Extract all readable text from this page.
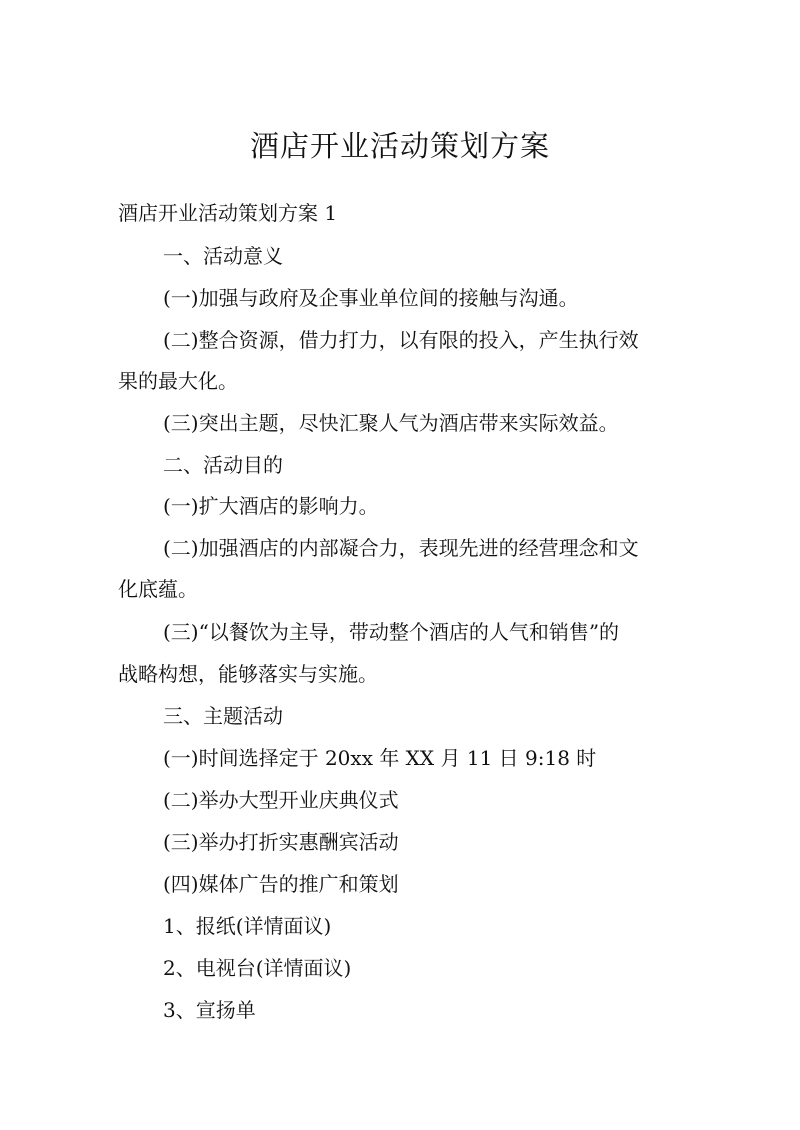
酒店开业活动策划方案
酒店开业活动策划方案 1
一、活动意义
(一)加强与政府及企事业单位间的接触与沟通。
(二)整合资源，借力打力，以有限的投入，产生执行效
果的最大化。
(三)突出主题，尽快汇聚人气为酒店带来实际效益。
二、活动目的
(一)扩大酒店的影响力。
(二)加强酒店的内部凝合力，表现先进的经营理念和文
化底蕴。
(三)“以餐饮为主导，带动整个酒店的人气和销售”的
战略构想，能够落实与实施。
三、主题活动
(一)时间选择定于 20xx 年 XX 月 11 日 9:18 时
(二)举办大型开业庆典仪式
(三)举办打折实惠酬宾活动
(四)媒体广告的推广和策划
1、报纸(详情面议)
2、电视台(详情面议)
3、宣扬单
